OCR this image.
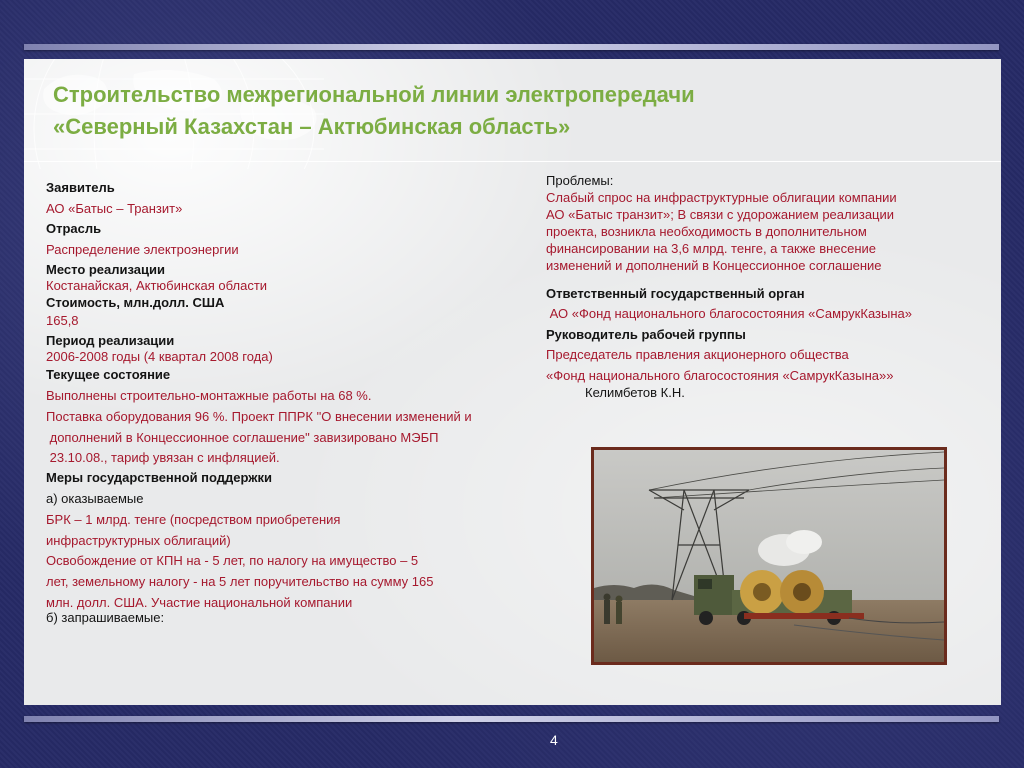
Строительство межрегиональной линии электропередачи
«Северный Казахстан – Актюбинская область»
Заявитель
АО «Батыс – Транзит»
Отрасль
Распределение электроэнергии
Место реализации
Костанайская, Актюбинская области
Стоимость, млн.долл. США
165,8
Период реализации
2006-2008 годы (4 квартал 2008 года)
Текущее состояние
Выполнены строительно-монтажные работы на 68 %.
Поставка оборудования 96 %. Проект ППРК "О внесении изменений и
дополнений в Концессионное соглашение" завизировано МЭБП
23.10.08., тариф увязан с инфляцией.
Меры государственной поддержки
а) оказываемые
БРК – 1 млрд. тенге (посредством приобретения
инфраструктурных облигаций)
Освобождение от КПН на - 5 лет, по налогу на имущество – 5
лет, земельному налогу - на 5 лет поручительство на сумму 165
млн. долл. США. Участие национальной компании
б) запрашиваемые:
Проблемы:
Слабый спрос на инфраструктурные облигации компании
АО «Батыс транзит»; В связи с удорожанием реализации
проекта, возникла необходимость в дополнительном
финансировании на 3,6 млрд. тенге, а также внесение
изменений и дополнений в Концессионное соглашение
Ответственный государственный орган
АО «Фонд национального благосостояния «СамрукКазына»
Руководитель рабочей группы
Председатель правления акционерного общества
«Фонд национального благосостояния «СамрукКазына»»
Келимбетов К.Н.
4
